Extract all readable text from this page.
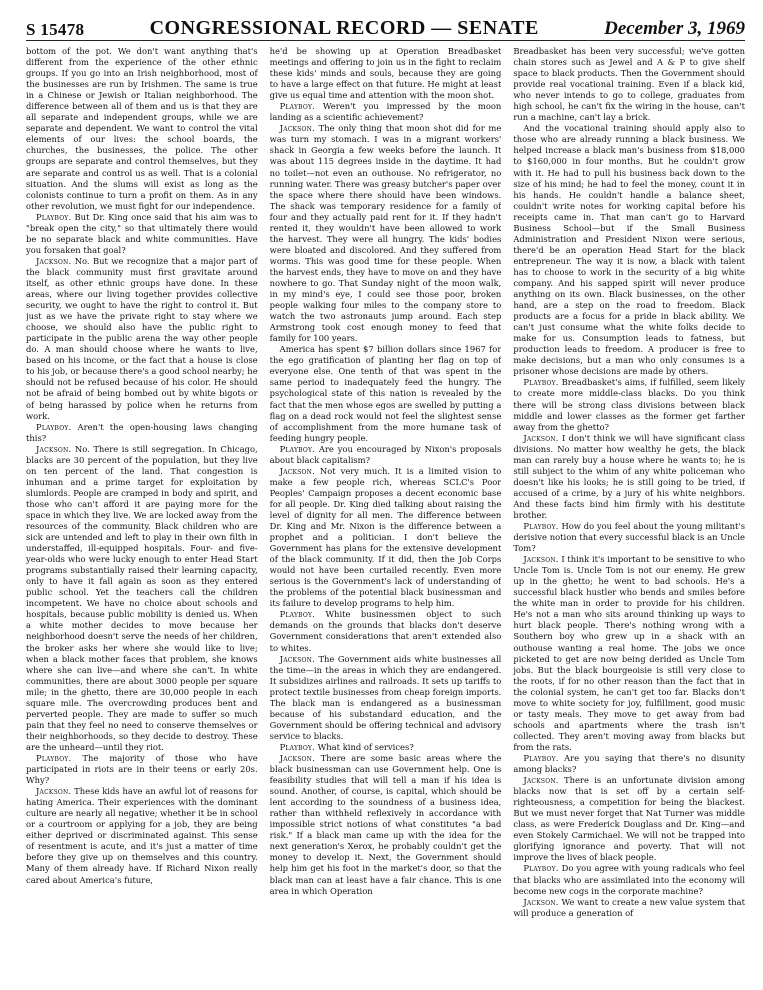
S 15478	CONGRESSIONAL RECORD — SENATE	December 3, 1969

bottom of the pot. We don't want anything that's different from the experience of the other ethnic groups. If you go into an Irish neighborhood, most of the businesses are run by Irishmen. The same is true in a Chinese or Jewish or Italian neighborhood. The difference between all of them and us is that they are all separate and independent groups, while we are separate and dependent. We want to control the vital elements of our lives: the school boards, the churches, the businesses, the police. The other groups are separate and control themselves, but they are separate and control us as well. That is a colonial situation. And the slums will exist as long as the colonists continue to turn a profit on them. As in any other revolution, we must fight for our independence.

Playboy. But Dr. King once said that his aim was to "break open the city," so that ultimately there would be no separate black and white communities. Have you forsaken that goal?

Jackson. No. But we recognize that a major part of the black community must first gravitate around itself, as other ethnic groups have done. In these areas, where our living together provides collective security, we ought to have the right to control it. But just as we have the private right to stay where we choose, we should also have the public right to participate in the public arena the way other people do. A man should choose where he wants to live, based on his income, or the fact that a house is close to his job, or because there's a good school nearby; he should not be refused because of his color. He should not be afraid of being bombed out by white bigots or of being harassed by police when he returns from work.

Playboy. Aren't the open-housing laws changing this?

Jackson. No. There is still segregation. In Chicago, blacks are 30 percent of the population, but they live on ten percent of the land. That congestion is inhuman and a prime target for exploitation by slumlords. People are cramped in body and spirit, and those who can't afford it are paying more for the space in which they live. We are locked away from the resources of the community. Black children who are sick are untended and left to play in their own filth in understaffed, ill-equipped hospitals. Four- and five-year-olds who were lucky enough to enter Head Start programs substantially raised their learning capacity, only to have it fall again as soon as they entered public school. Yet the teachers call the children incompetent. We have no choice about schools and hospitals, because public mobility is denied us. When a white mother decides to move because her neighborhood doesn't serve the needs of her children, the broker asks her where she would like to live; when a black mother faces that problem, she knows where she can live—and where she can't. In white communities, there are about 3000 people per square mile; in the ghetto, there are 30,000 people in each square mile. The overcrowding produces bent and perverted people. They are made to suffer so much pain that they feel no need to conserve themselves or their neighborhoods, so they decide to destroy. These are the unheard—until they riot.

Playboy. The majority of those who have participated in riots are in their teens or early 20s. Why?

Jackson. These kids have an awful lot of reasons for hating America. Their experiences with the dominant culture are nearly all negative; whether it be in school or a courtroom or applying for a job, they are being either deprived or discriminated against. This sense of resentment is acute, and it's just a matter of time before they give up on themselves and this country. Many of them already have. If Richard Nixon really cared about America's future,

he'd be showing up at Operation Breadbasket meetings and offering to join us in the fight to reclaim these kids' minds and souls, because they are going to have a large effect on that future. He might at least give us equal time and attention with the moon shot.

Playboy. Weren't you impressed by the moon landing as a scientific achievement?

Jackson. The only thing that moon shot did for me was turn my stomach. I was in a migrant workers' shack in Georgia a few weeks before the launch. It was about 115 degrees inside in the daytime. It had no toilet—not even an outhouse. No refrigerator, no running water. There was greasy butcher's paper over the space where there should have been windows. The shack was temporary residence for a family of four and they actually paid rent for it. If they hadn't rented it, they wouldn't have been allowed to work the harvest. They were all hungry. The kids' bodies were bloated and discolored. And they suffered from worms. This was good time for these people. When the harvest ends, they have to move on and they have nowhere to go. That Sunday night of the moon walk, in my mind's eye, I could see those poor, broken people walking four miles to the company store to watch the two astronauts jump around. Each step Armstrong took cost enough money to feed that family for 100 years.

America has spent $7 billion dollars since 1967 for the ego gratification of planting her flag on top of everyone else. One tenth of that was spent in the same period to inadequately feed the hungry. The psychological state of this nation is revealed by the fact that the men whose egos are swelled by putting a flag on a dead rock would not feel the slightest sense of accomplishment from the more humane task of feeding hungry people.

Playboy. Are you encouraged by Nixon's proposals about black capitalism?

Jackson. Not very much. It is a limited vision to make a few people rich, whereas SCLC's Poor Peoples' Campaign proposes a decent economic base for all people. Dr. King died talking about raising the level of dignity for all men. The difference between Dr. King and Mr. Nixon is the difference between a prophet and a politician. I don't believe the Government has plans for the extensive development of the black community. If it did, then the Job Corps would not have been curtailed recently. Even more serious is the Government's lack of understanding of the problems of the potential black businessman and its failure to develop programs to help him.

Playboy. White businessmen object to such demands on the grounds that blacks don't deserve Government considerations that aren't extended also to whites.

Jackson. The Government aids white businesses all the time—in the areas in which they are endangered. It subsidizes airlines and railroads. It sets up tariffs to protect textile businesses from cheap foreign imports. The black man is endangered as a businessman because of his substandard education, and the Government should be offering technical and advisory service to blacks.

Playboy. What kind of services?

Jackson. There are some basic areas where the black businessman can use Government help. One is feasibility studies that will tell a man if his idea is sound. Another, of course, is capital, which should be lent according to the soundness of a business idea, rather than withheld reflexively in accordance with impossible strict notions of what constitutes "a bad risk." If a black man came up with the idea for the next generation's Xerox, he probably couldn't get the money to develop it. Next, the Government should help him get his foot in the market's door, so that the black man can at least have a fair chance. This is one area in which Operation

Breadbasket has been very successful; we've gotten chain stores such as Jewel and A & P to give shelf space to black products. Then the Government should provide real vocational training. Even if a black kid, who never intends to go to college, graduates from high school, he can't fix the wiring in the house, can't run a machine, can't lay a brick.

And the vocational training should apply also to those who are already running a black business. We helped increase a black man's business from $18,000 to $160,000 in four months. But he couldn't grow with it. He had to pull his business back down to the size of his mind; he had to feel the money, count it in his hands. He couldn't handle a balance sheet, couldn't write notes for working capital before his receipts came in. That man can't go to Harvard Business School—but if the Small Business Administration and President Nixon were serious, there'd be an operation Head Start for the black entrepreneur. The way it is now, a black with talent has to choose to work in the security of a big white company. And his sapped spirit will never produce anything on its own. Black businesses, on the other hand, are a step on the road to freedom. Black products are a focus for a pride in black ability. We can't just consume what the white folks decide to make for us. Consumption leads to fatness, but production leads to freedom. A producer is free to make decisions, but a man who only consumes is a prisoner whose decisions are made by others.

Playboy. Breadbasket's aims, if fulfilled, seem likely to create more middle-class blacks. Do you think there will be strong class divisions between black middle and lower classes as the former get farther away from the ghetto?

Jackson. I don't think we will have significant class divisions. No matter how wealthy he gets, the black man can rarely buy a house where he wants to; he is still subject to the whim of any white policeman who doesn't like his looks; he is still going to be tried, if accused of a crime, by a jury of his white neighbors. And these facts bind him firmly with his destitute brother.

Playboy. How do you feel about the young militant's derisive notion that every successful black is an Uncle Tom?

Jackson. I think it's important to be sensitive to who Uncle Tom is. Uncle Tom is not our enemy. He grew up in the ghetto; he went to bad schools. He's a successful black hustler who bends and smiles before the white man in order to provide for his children. He's not a man who sits around thinking up ways to hurt black people. There's nothing wrong with a Southern boy who grew up in a shack with an outhouse wanting a real home. The jobs we once picketed to get are now being derided as Uncle Tom jobs. But the black bourgeoisie is still very close to the roots, if for no other reason than the fact that in the colonial system, he can't get too far. Blacks don't move to white society for joy, fulfillment, good music or tasty meals. They move to get away from bad schools and apartments where the trash isn't collected. They aren't moving away from blacks but from the rats.

Playboy. Are you saying that there's no disunity among blacks?

Jackson. There is an unfortunate division among blacks now that is set off by a certain self-righteousness, a competition for being the blackest. But we must never forget that Nat Turner was middle class, as were Frederick Douglass and Dr. King—and even Stokely Carmichael. We will not be trapped into glorifying ignorance and poverty. That will not improve the lives of black people.

Playboy. Do you agree with young radicals who feel that blacks who are assimilated into the economy will become new cogs in the corporate machine?

Jackson. We want to create a new value system that will produce a generation of
